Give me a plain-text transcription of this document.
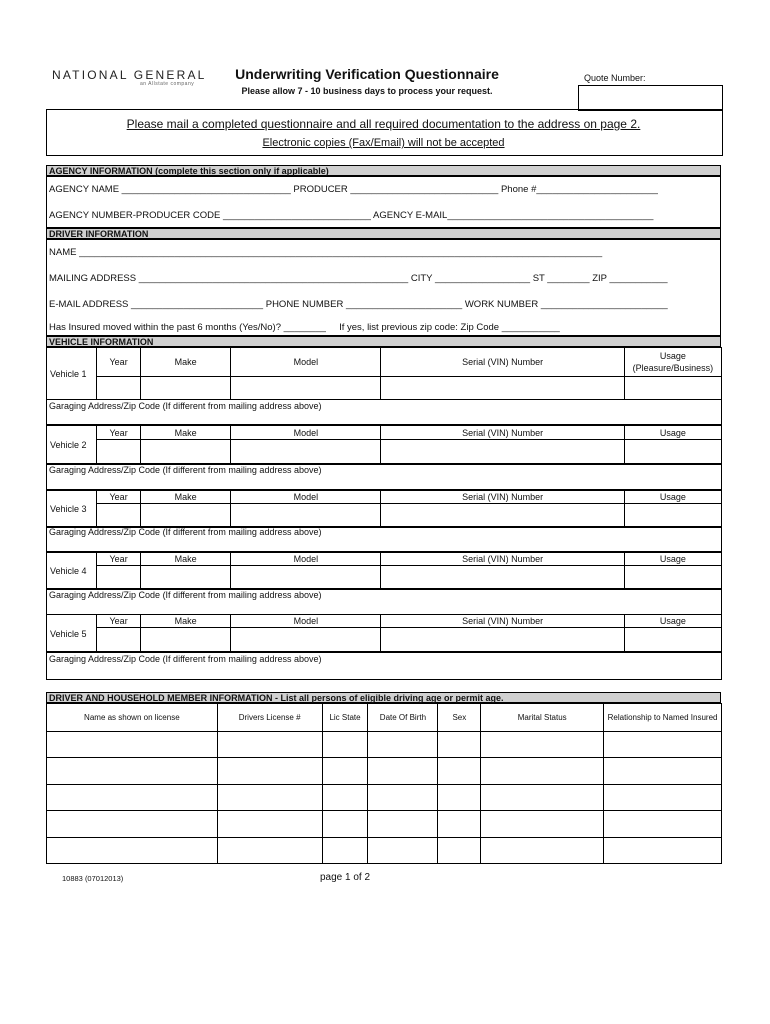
NATIONAL GENERAL
an Allstate company
Underwriting Verification Questionnaire
Please allow 7 - 10 business days to process your request.
Quote Number:
Please mail a completed questionnaire and all required documentation to the address on page 2.
Electronic copies (Fax/Email) will not be accepted
AGENCY INFORMATION (complete this section only if applicable)
AGENCY NAME ________________________________ PRODUCER ____________________________ Phone #_______________________
AGENCY NUMBER-PRODUCER CODE ____________________________ AGENCY E-MAIL_______________________________________
DRIVER INFORMATION
NAME ___________________________________________________________________________________________________
MAILING ADDRESS ___________________________________________________ CITY __________________ ST ________ ZIP ___________
E-MAIL ADDRESS _________________________ PHONE NUMBER ______________________ WORK NUMBER ________________________
Has Insured moved within the past 6 months (Yes/No)? ________     If yes, list previous zip code: Zip Code ___________
VEHICLE INFORMATION
Vehicle 1	Year	Make	Model	Serial (VIN) Number	Usage (Pleasure/Business)

Garaging Address/Zip Code (If different from mailing address above)
Vehicle 2	Year	Make	Model	Serial (VIN) Number	Usage

Garaging Address/Zip Code (If different from mailing address above)
Vehicle 3	Year	Make	Model	Serial (VIN) Number	Usage

Garaging Address/Zip Code (If different from mailing address above)
Vehicle 4	Year	Make	Model	Serial (VIN) Number	Usage

Garaging Address/Zip Code (If different from mailing address above)
Vehicle 5	Year	Make	Model	Serial (VIN) Number	Usage

Garaging Address/Zip Code (If different from mailing address above)
DRIVER AND HOUSEHOLD MEMBER INFORMATION - List all persons of eligible driving age or permit age.
Name as shown on license	Drivers License #	Lic State	Date Of Birth	Sex	Marital Status	Relationship to Named Insured

10883 (07012013)	page 1 of 2
